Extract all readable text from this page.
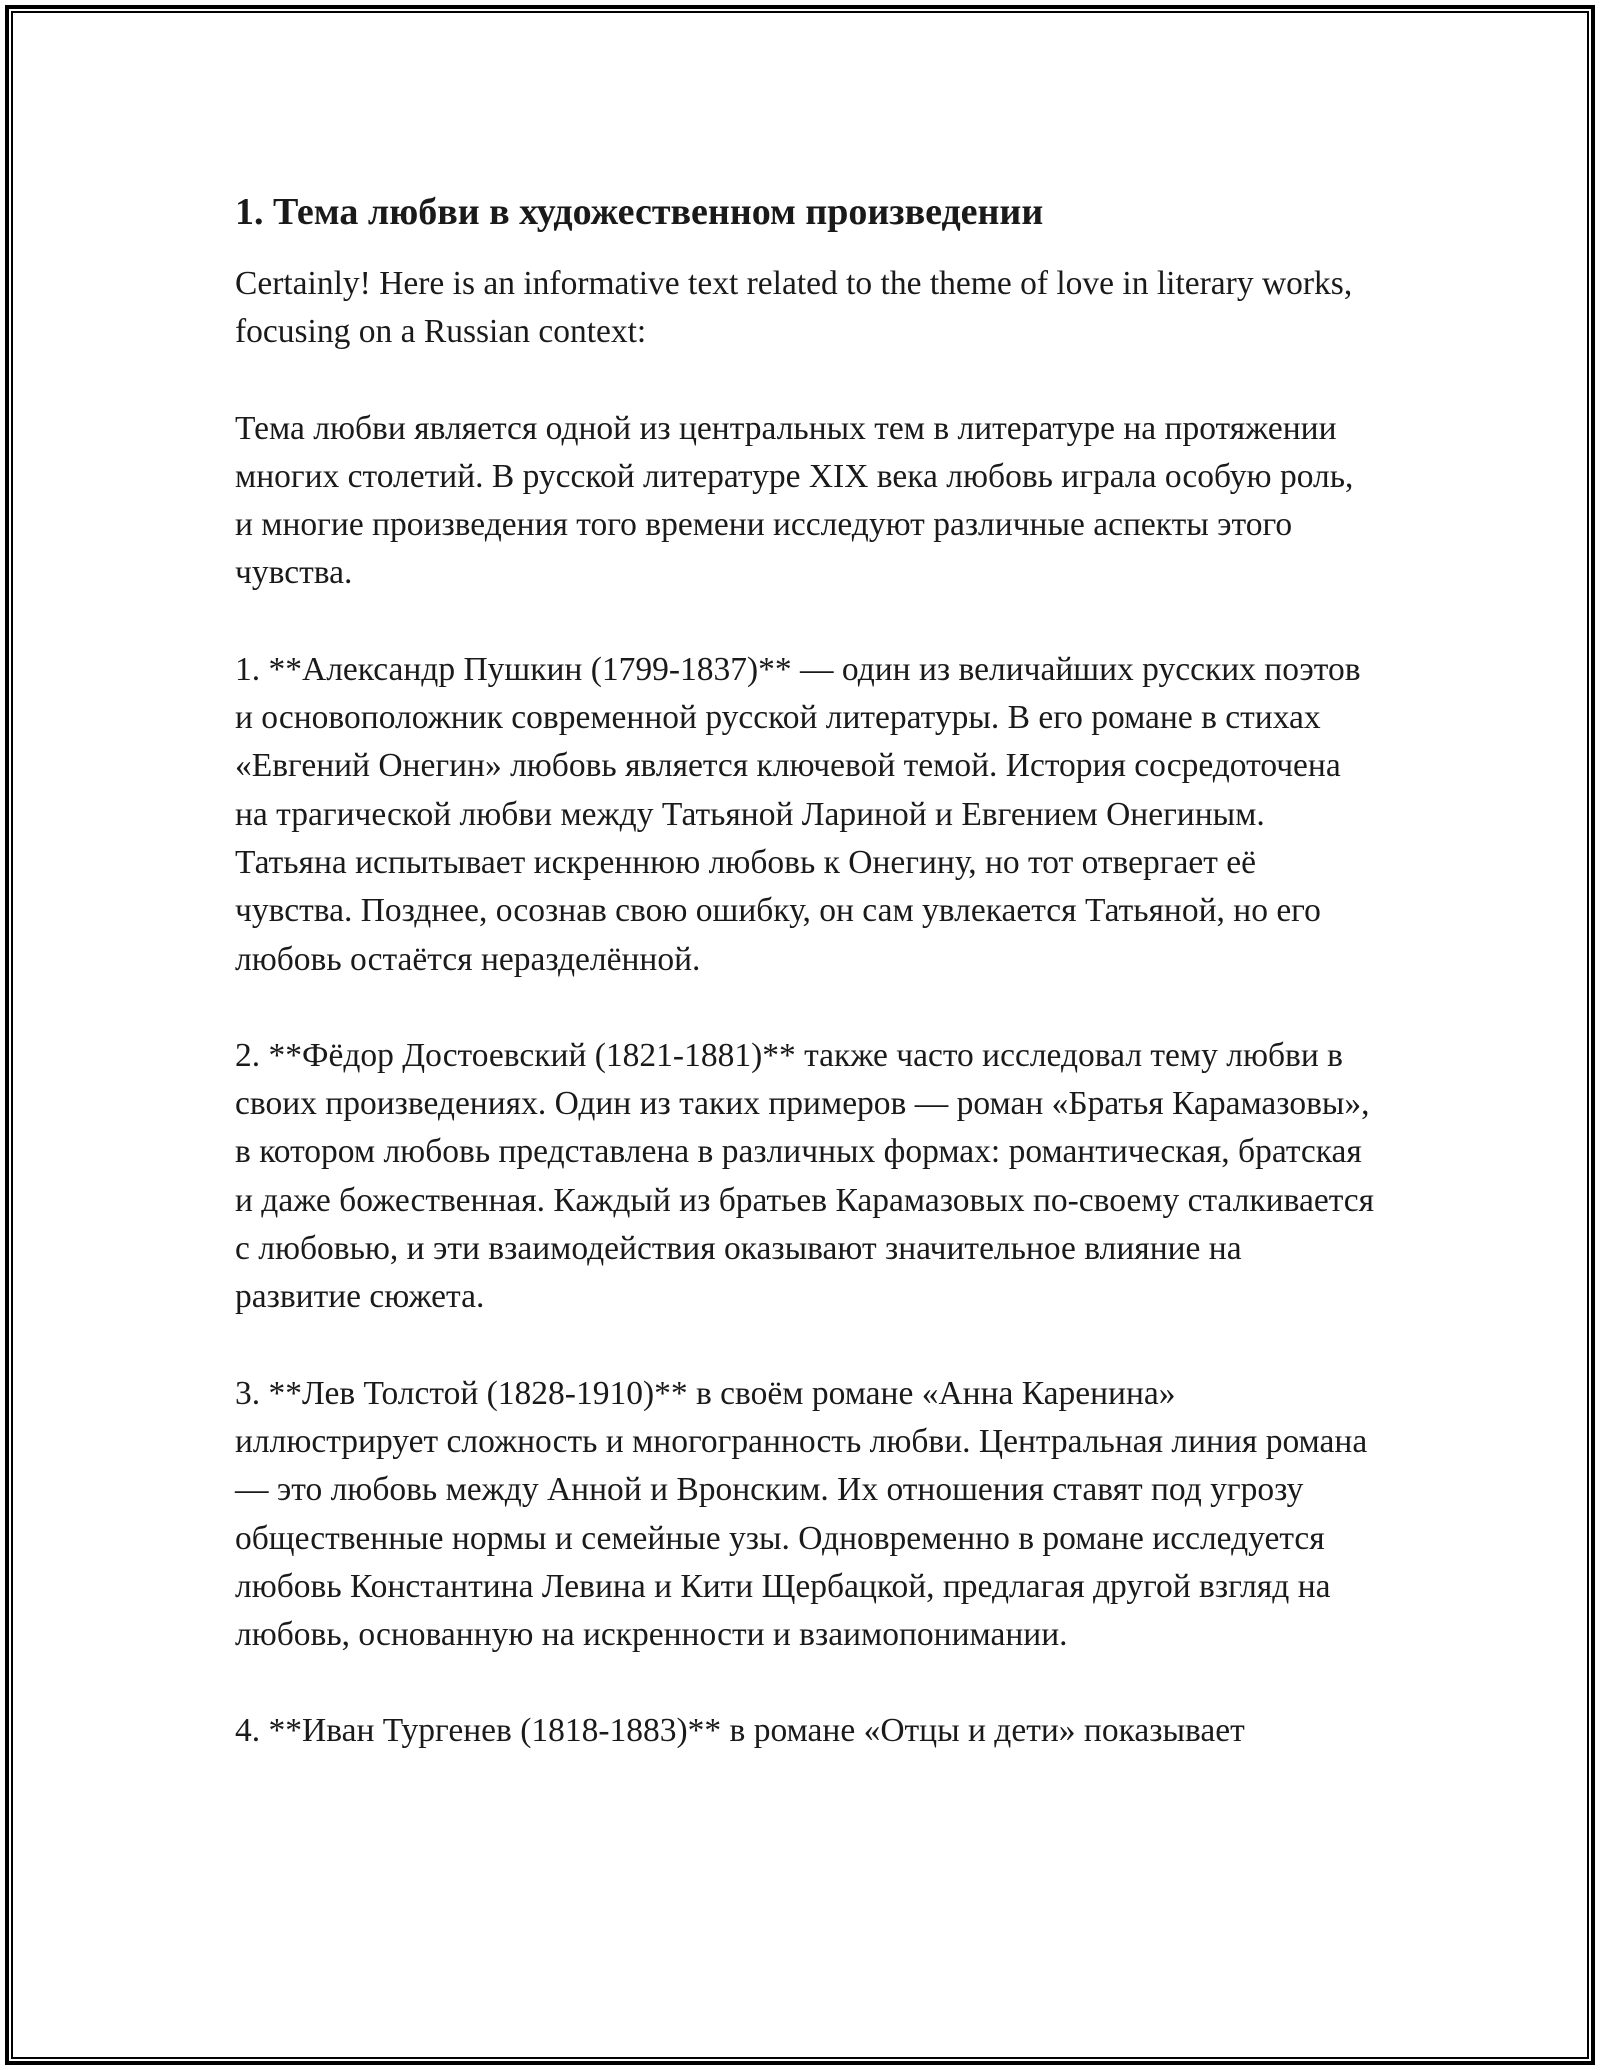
1. Тема любви в художественном произведении

Certainly! Here is an informative text related to the theme of love in literary works, focusing on a Russian context:

Тема любви является одной из центральных тем в литературе на протяжении многих столетий. В русской литературе XIX века любовь играла особую роль, и многие произведения того времени исследуют различные аспекты этого чувства.

1. **Александр Пушкин (1799-1837)** — один из величайших русских поэтов и основоположник современной русской литературы. В его романе в стихах «Евгений Онегин» любовь является ключевой темой. История сосредоточена на трагической любви между Татьяной Лариной и Евгением Онегиным. Татьяна испытывает искреннюю любовь к Онегину, но тот отвергает её чувства. Позднее, осознав свою ошибку, он сам увлекается Татьяной, но его любовь остаётся неразделённой.

2. **Фёдор Достоевский (1821-1881)** также часто исследовал тему любви в своих произведениях. Один из таких примеров — роман «Братья Карамазовы», в котором любовь представлена в различных формах: романтическая, братская и даже божественная. Каждый из братьев Карамазовых по-своему сталкивается с любовью, и эти взаимодействия оказывают значительное влияние на развитие сюжета.

3. **Лев Толстой (1828-1910)** в своём романе «Анна Каренина» иллюстрирует сложность и многогранность любви. Центральная линия романа — это любовь между Анной и Вронским. Их отношения ставят под угрозу общественные нормы и семейные узы. Одновременно в романе исследуется любовь Константина Левина и Кити Щербацкой, предлагая другой взгляд на любовь, основанную на искренности и взаимопонимании.

4. **Иван Тургенев (1818-1883)** в романе «Отцы и дети» показывает
